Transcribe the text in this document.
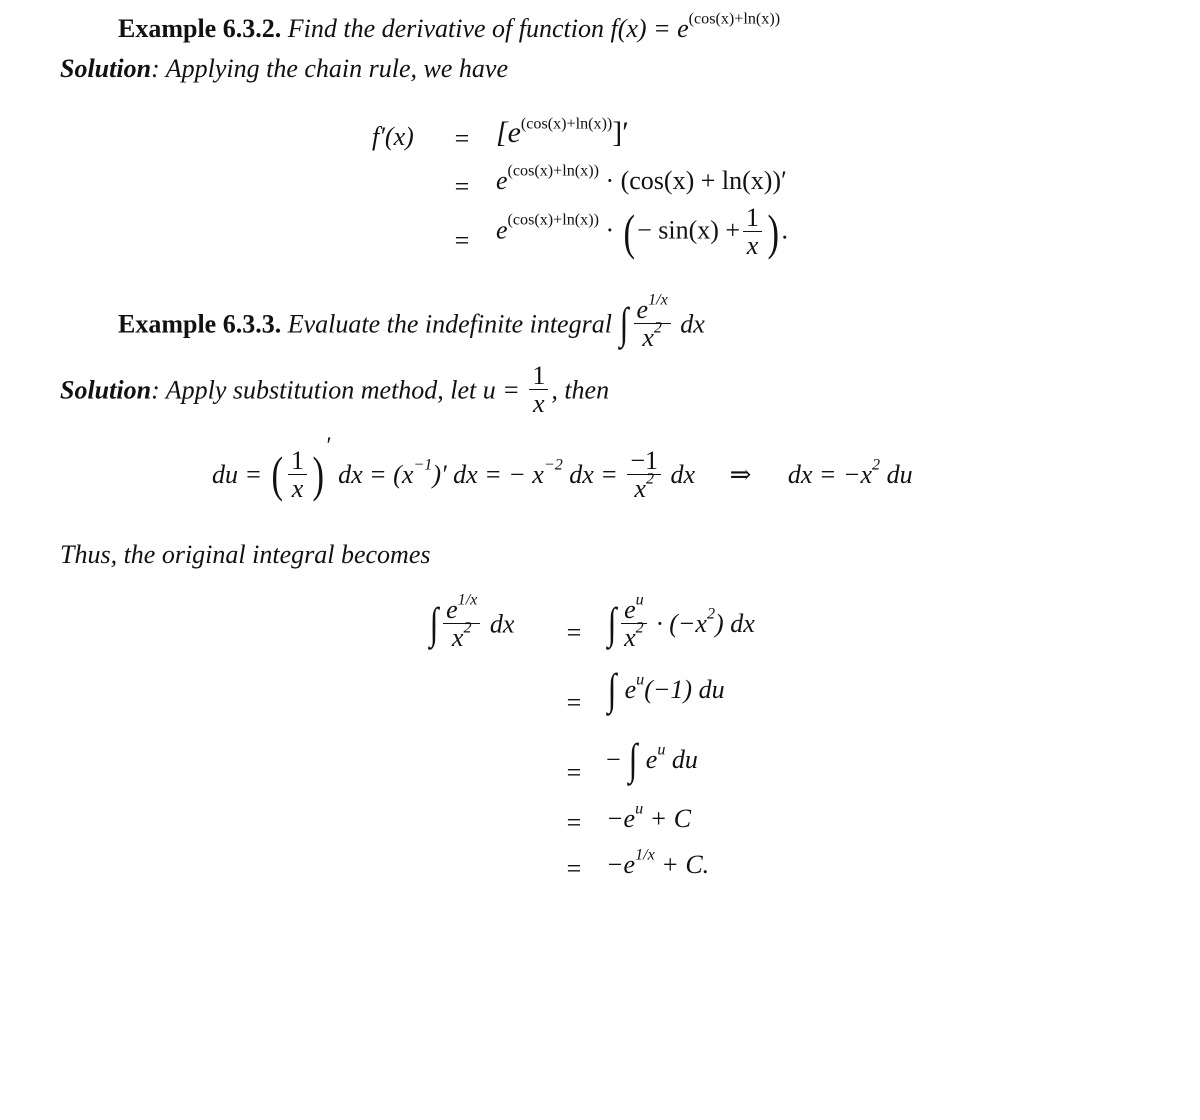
Example 6.3.2. Find the derivative of function $f(x) = e^{(cos(x)+ln(x))}$
Solution: Applying the chain rule, we have
f′(x)	= $[e^{(cos(x)+ln(x))}]'$
=	$e^{(cos(x)+ln(x))} \cdot (\cos(x) + \ln(x))'$
=	$e^{(cos(x)+ln(x))}$ · (− $\sin(x) + \frac{1}{x}$ ).
Example 6.3.3. Evaluate the indefinite integral ∫ $\frac{e^{1/x}}{x^2}$ dx
Solution: Apply substitution method, let $u = \frac{1}{x}$ , then
du = ( $\frac{1}{x} )'$ dx = $(x^{-1})'$ dx = − $x^{-2}$ dx = $\frac{-1}{x^2}$ dx ⇒ dx = $-x^2$ du
Thus, the original integral becomes
∫ $\frac{e^{1/x}}{x^2}$ dx	= ∫ $\frac{e^u}{x^2} \cdot (-x^2)$ dx
= ∫ $e^u(-1)$ du
= − ∫ $e^u$ du
= $-e^u + C$
= $-e^{1/x} + C$.
